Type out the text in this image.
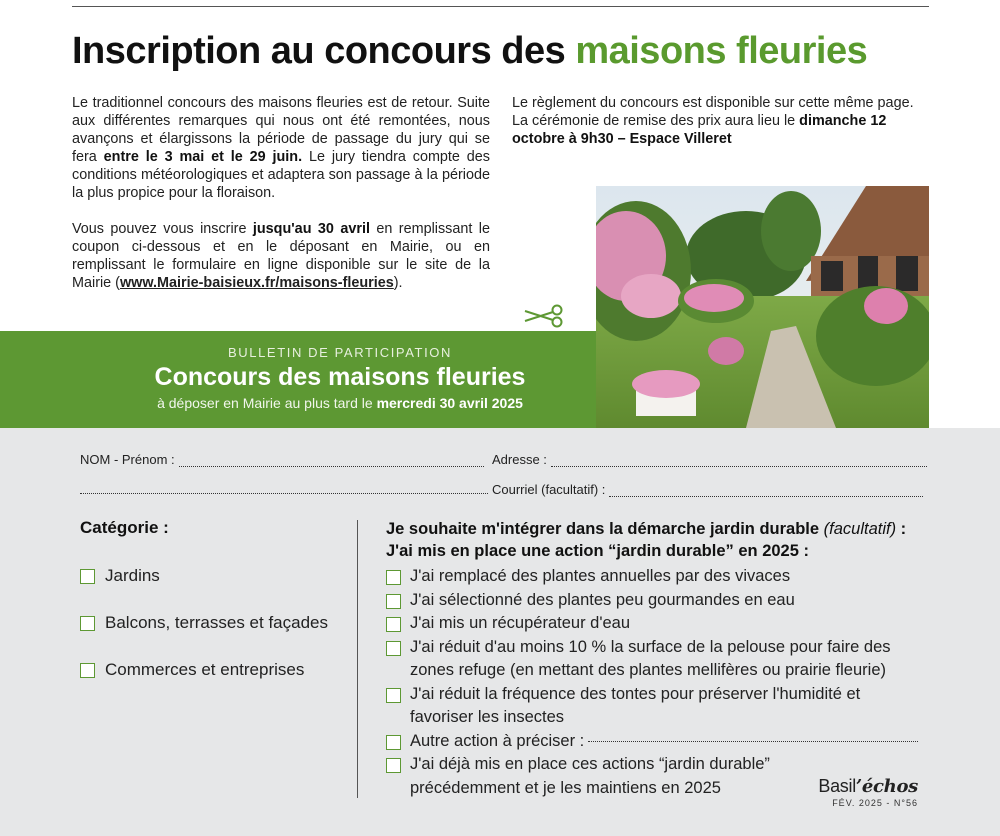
Inscription au concours des maisons fleuries

Le traditionnel concours des maisons fleuries est de retour. Suite aux différentes remarques qui nous ont été remontées, nous avançons et élargissons la période de passage du jury qui se fera entre le 3 mai et le 29 juin. Le jury tiendra compte des conditions météorologiques et adaptera son passage à la période la plus propice pour la floraison.

Vous pouvez vous inscrire jusqu'au 30 avril en remplissant le coupon ci-dessous et en le déposant en Mairie, ou en remplissant le formulaire en ligne disponible sur le site de la Mairie (www.Mairie-baisieux.fr/maisons-fleuries).

Le règlement du concours est disponible sur cette même page. La cérémonie de remise des prix aura lieu le dimanche 12 octobre à 9h30 – Espace Villeret

BULLETIN DE PARTICIPATION
Concours des maisons fleuries
à déposer en Mairie au plus tard le mercredi 30 avril 2025
NOM - Prénom :	Adresse :
Courriel (facultatif) :
Catégorie :
Jardins
Balcons, terrasses et façades
Commerces et entreprises
Je souhaite m'intégrer dans la démarche jardin durable (facultatif) :
J'ai mis en place une action “jardin durable” en 2025 :
J'ai remplacé des plantes annuelles par des vivaces
J'ai sélectionné des plantes peu gourmandes en eau
J'ai mis un récupérateur d'eau
J'ai réduit d'au moins 10 % la surface de la pelouse pour faire des zones refuge (en mettant des plantes mellifères ou prairie fleurie)
J'ai réduit la fréquence des tontes pour préserver l'humidité et favoriser les insectes
Autre action à préciser :
J'ai déjà mis en place ces actions “jardin durable” précédemment et je les maintiens en 2025	Basil’échos
FÉV. 2025 - N°56
